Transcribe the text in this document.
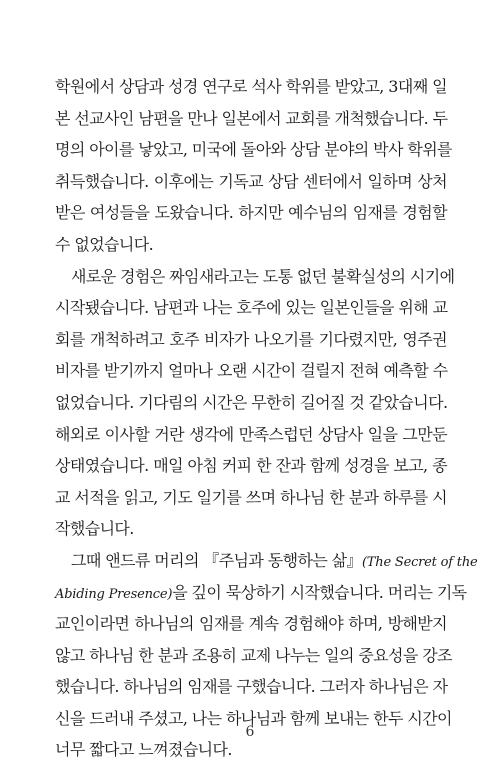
학원에서 상담과 성경 연구로 석사 학위를 받았고, 3대째 일
본 선교사인 남편을 만나 일본에서 교회를 개척했습니다. 두
명의 아이를 낳았고, 미국에 돌아와 상담 분야의 박사 학위를
취득했습니다. 이후에는 기독교 상담 센터에서 일하며 상처
받은 여성들을 도왔습니다. 하지만 예수님의 임재를 경험할
수 없었습니다.
새로운 경험은 짜임새라고는 도통 없던 불확실성의 시기에
시작됐습니다. 남편과 나는 호주에 있는 일본인들을 위해 교
회를 개척하려고 호주 비자가 나오기를 기다렸지만, 영주권
비자를 받기까지 얼마나 오랜 시간이 걸릴지 전혀 예측할 수
없었습니다. 기다림의 시간은 무한히 길어질 것 같았습니다.
해외로 이사할 거란 생각에 만족스럽던 상담사 일을 그만둔
상태였습니다. 매일 아침 커피 한 잔과 함께 성경을 보고, 종
교 서적을 읽고, 기도 일기를 쓰며 하나님 한 분과 하루를 시
작했습니다.
그때 앤드류 머리의 『주님과 동행하는 삶』(The Secret of the
Abiding Presence)을 깊이 묵상하기 시작했습니다. 머리는 기독
교인이라면 하나님의 임재를 계속 경험해야 하며, 방해받지
않고 하나님 한 분과 조용히 교제 나누는 일의 중요성을 강조
했습니다. 하나님의 임재를 구했습니다. 그러자 하나님은 자
신을 드러내 주셨고, 나는 하나님과 함께 보내는 한두 시간이
너무 짧다고 느껴졌습니다.
6
